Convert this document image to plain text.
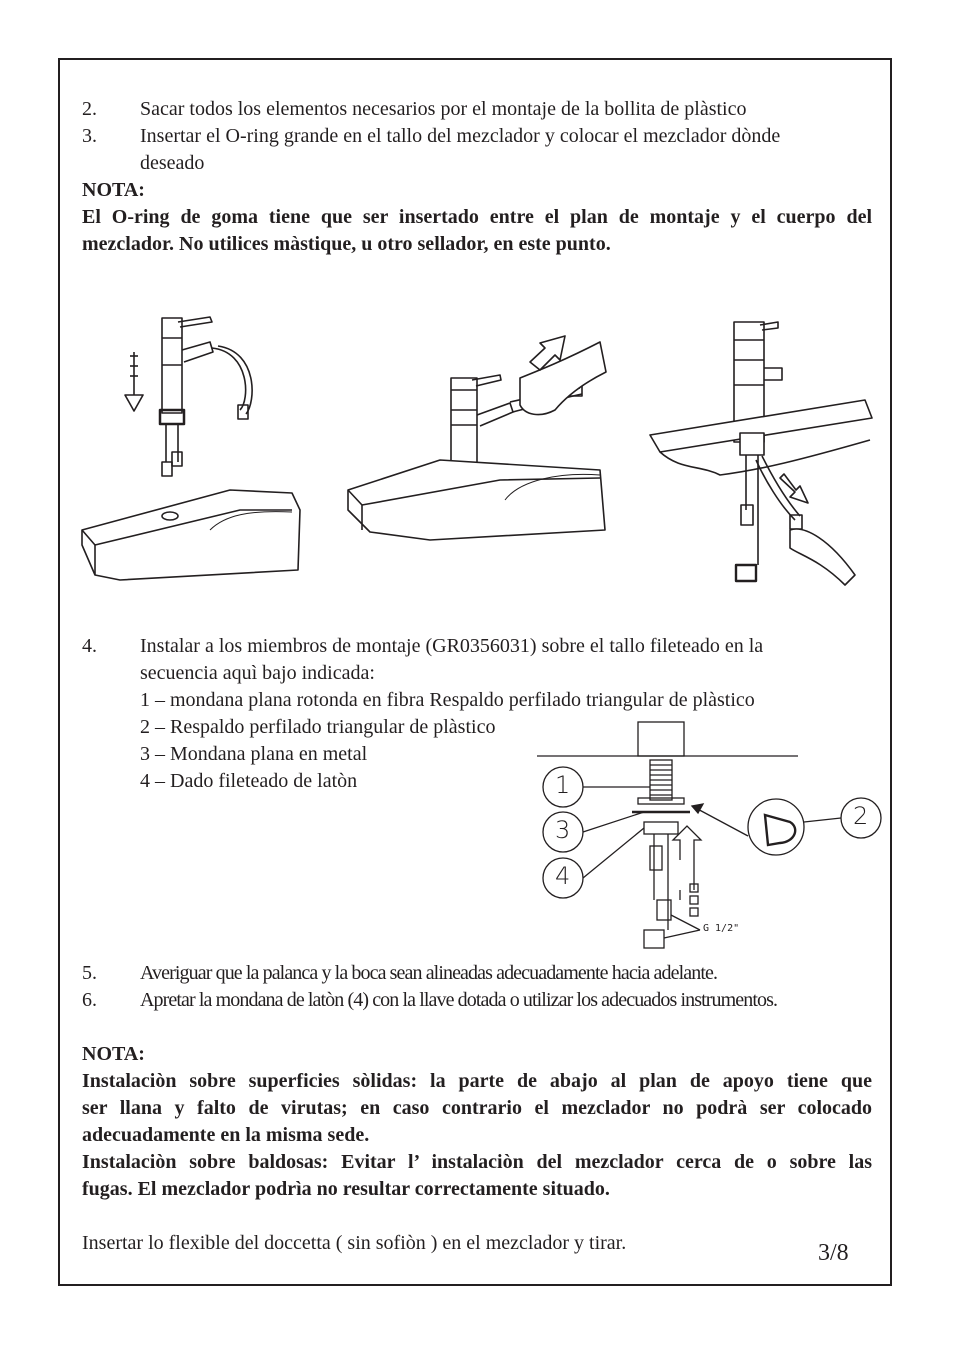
2. Sacar todos los elementos necesarios por el montaje de la bollita de plàstico
3. Insertar el O-ring grande en el tallo del mezclador y colocar el mezclador dònde
deseado
NOTA:
El O-ring de goma tiene que ser insertado entre el plan de montaje y el cuerpo del
mezclador. No utilices màstique, u otro sellador, en este punto.
1
3
4
2
G 1/2"
4. Instalar a los miembros de montaje (GR0356031) sobre el tallo fileteado en la
secuencia aquì bajo indicada:
1 – mondana plana rotonda en fibra Respaldo perfilado triangular de plàstico
2 – Respaldo perfilado triangular de plàstico
3 – Mondana plana en metal
4 – Dado fileteado de latòn
5. Averiguar que la palanca y la boca sean alineadas adecuadamente hacia adelante.
6. Apretar la mondana de latòn (4) con la llave dotada o utilizar los adecuados instrumentos.
NOTA:
Instalaciòn sobre superficies sòlidas: la parte de abajo al plan de apoyo tiene que
ser llana y falto de virutas; en caso contrario el mezclador no podrà ser colocado
adecuadamente en la misma sede.
Instalaciòn sobre baldosas: Evitar l’ instalaciòn del mezclador cerca de o sobre las
fugas. El mezclador podrìa no resultar correctamente situado.
Insertar lo flexible del doccetta ( sin sofiòn ) en el mezclador y tirar.	3/8
